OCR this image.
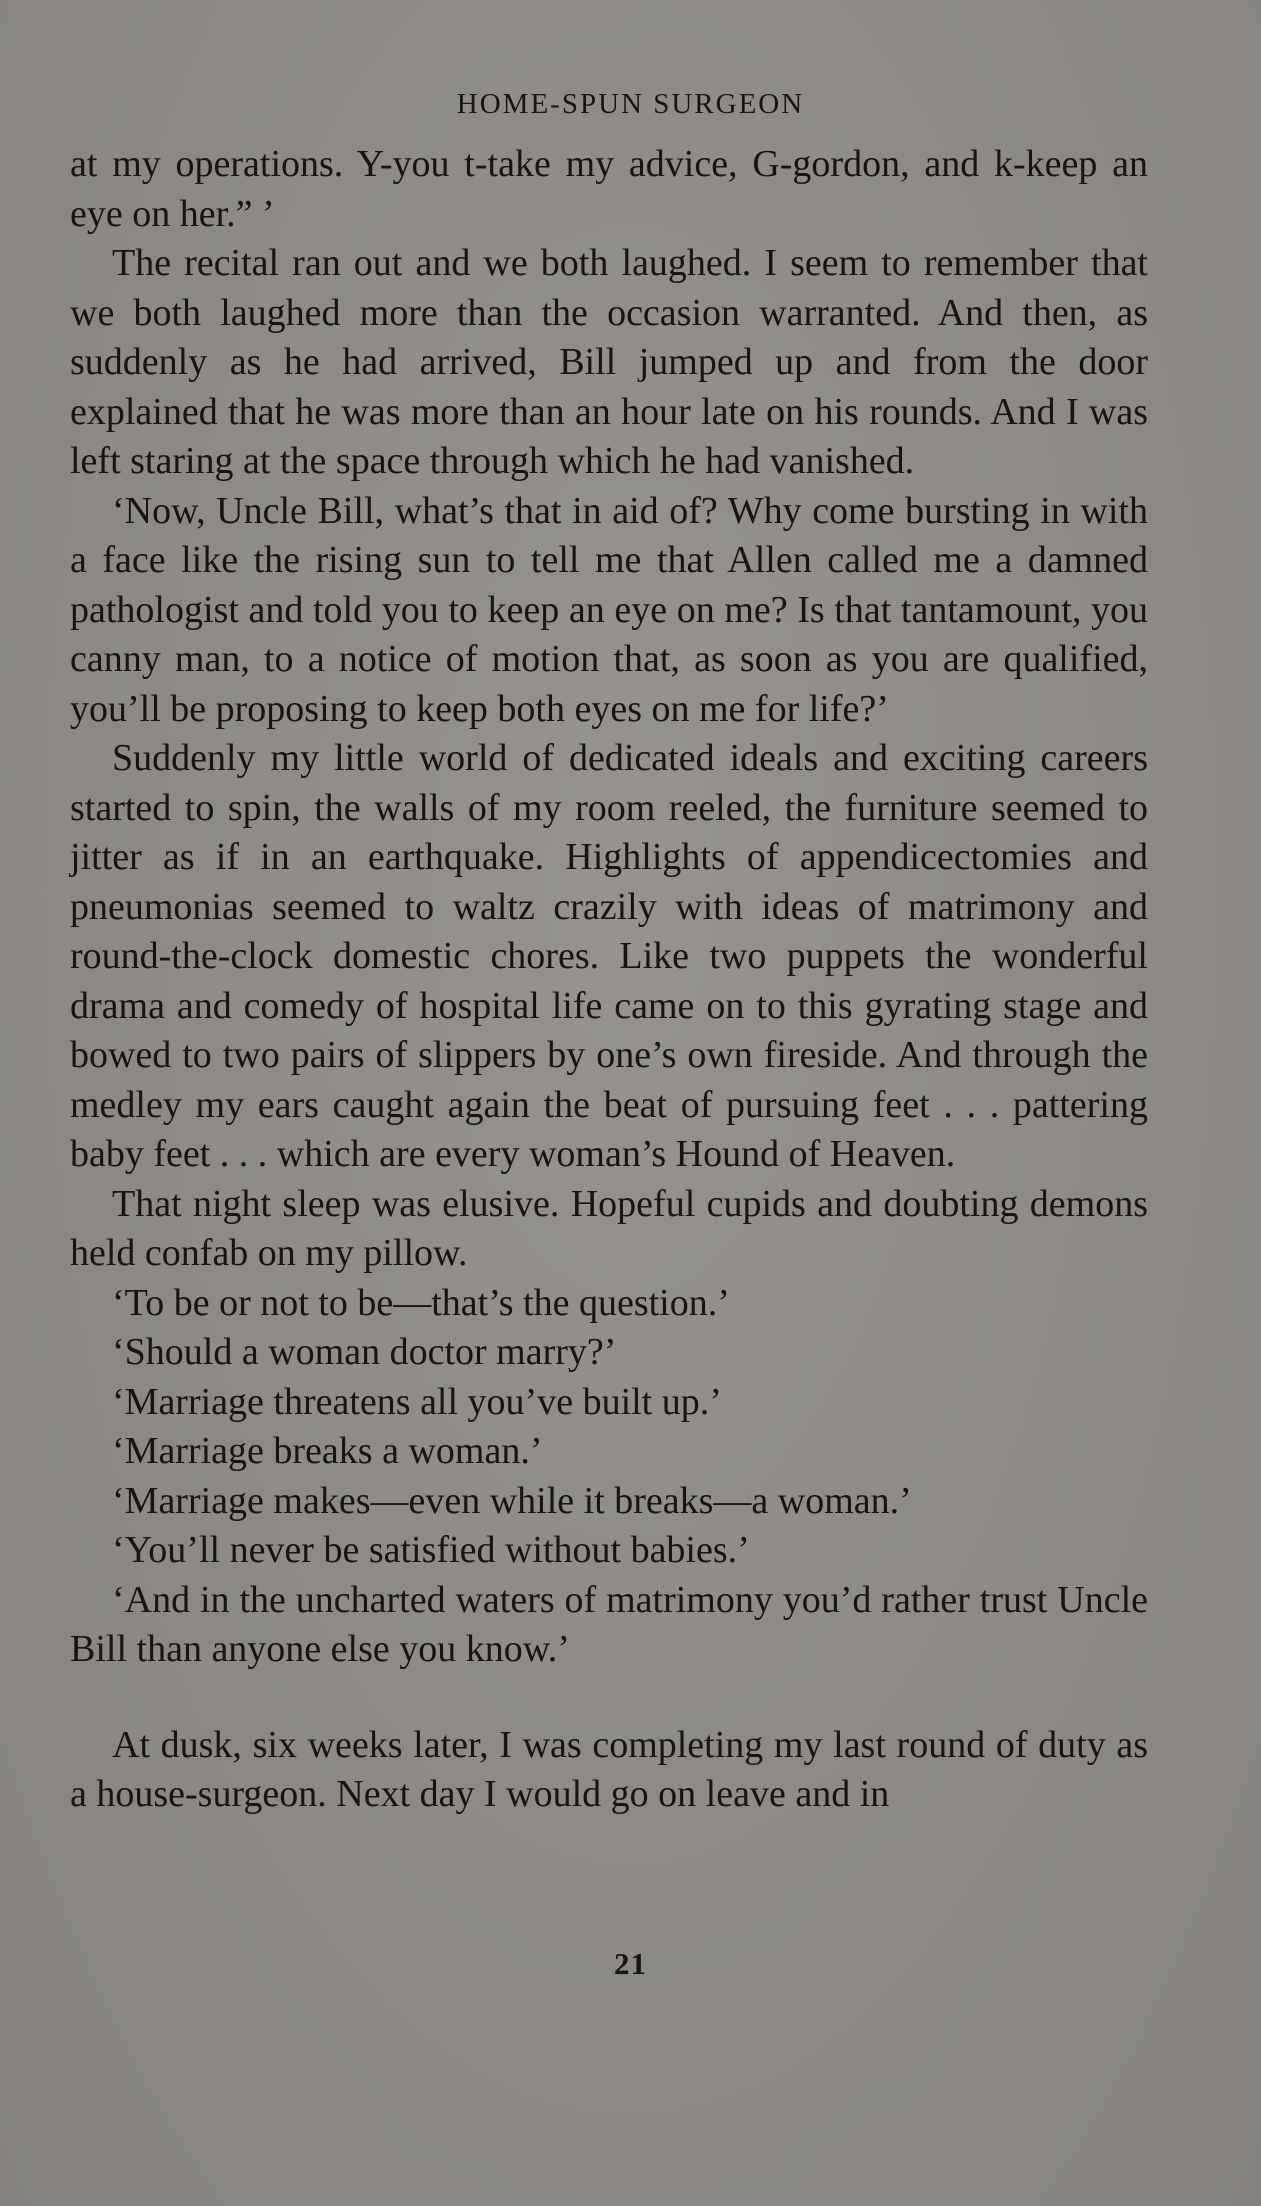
HOME-SPUN SURGEON

at my operations. Y-you t-take my advice, G-gordon, and k-keep an eye on her.” ’

The recital ran out and we both laughed. I seem to remember that we both laughed more than the occasion warranted. And then, as suddenly as he had arrived, Bill jumped up and from the door explained that he was more than an hour late on his rounds. And I was left staring at the space through which he had vanished.

‘Now, Uncle Bill, what’s that in aid of? Why come bursting in with a face like the rising sun to tell me that Allen called me a damned pathologist and told you to keep an eye on me? Is that tantamount, you canny man, to a notice of motion that, as soon as you are qualified, you’ll be proposing to keep both eyes on me for life?’

Suddenly my little world of dedicated ideals and exciting careers started to spin, the walls of my room reeled, the furniture seemed to jitter as if in an earthquake. Highlights of appendicectomies and pneumonias seemed to waltz crazily with ideas of matrimony and round-the-clock domestic chores. Like two puppets the wonderful drama and comedy of hospital life came on to this gyrating stage and bowed to two pairs of slippers by one’s own fireside. And through the medley my ears caught again the beat of pursuing feet . . . pattering baby feet . . . which are every woman’s Hound of Heaven.

That night sleep was elusive. Hopeful cupids and doubting demons held confab on my pillow.

‘To be or not to be—that’s the question.’

‘Should a woman doctor marry?’

‘Marriage threatens all you’ve built up.’

‘Marriage breaks a woman.’

‘Marriage makes—even while it breaks—a woman.’

‘You’ll never be satisfied without babies.’

‘And in the uncharted waters of matrimony you’d rather trust Uncle Bill than anyone else you know.’

At dusk, six weeks later, I was completing my last round of duty as a house-surgeon. Next day I would go on leave and in

21
